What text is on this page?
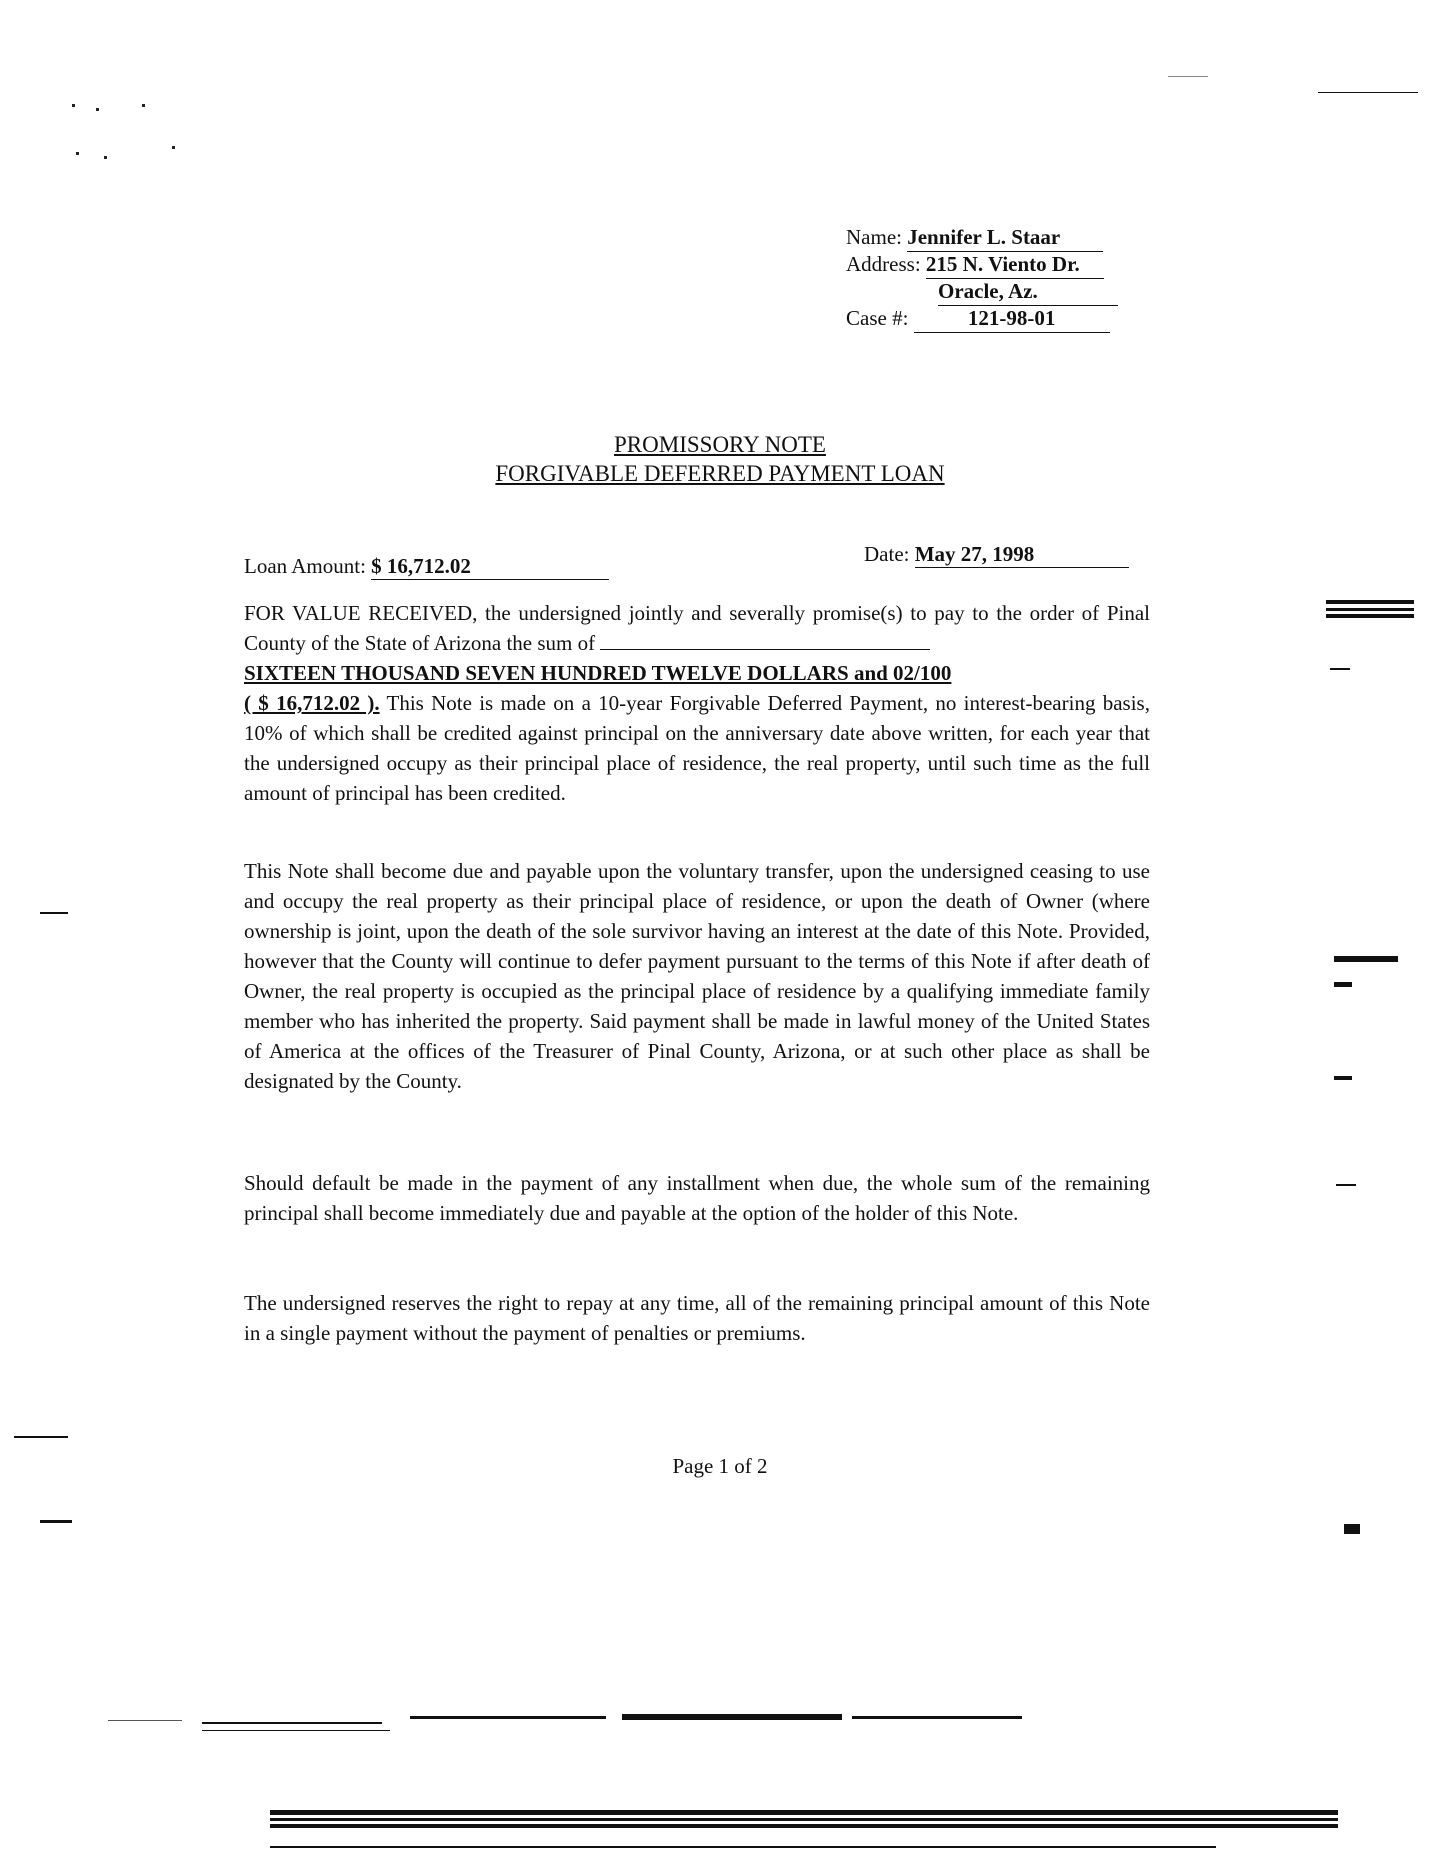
Name: Jennifer L. Staar
Address: 215 N. Viento Dr.
Oracle, Az.
Case #:	121-98-01
PROMISSORY NOTE
FORGIVABLE DEFERRED PAYMENT LOAN
Loan Amount: $ 16,712.02	Date: May 27, 1998
FOR VALUE RECEIVED, the undersigned jointly and severally promise(s) to pay to the order of Pinal County of the State of Arizona the sum of
SIXTEEN THOUSAND SEVEN HUNDRED TWELVE DOLLARS and 02/100
( $ 16,712.02 ). This Note is made on a 10-year Forgivable Deferred Payment, no interest-bearing basis, 10% of which shall be credited against principal on the anniversary date above written, for each year that the undersigned occupy as their principal place of residence, the real property, until such time as the full amount of principal has been credited.
This Note shall become due and payable upon the voluntary transfer, upon the undersigned ceasing to use and occupy the real property as their principal place of residence, or upon the death of Owner (where ownership is joint, upon the death of the sole survivor having an interest at the date of this Note. Provided, however that the County will continue to defer payment pursuant to the terms of this Note if after death of Owner, the real property is occupied as the principal place of residence by a qualifying immediate family member who has inherited the property. Said payment shall be made in lawful money of the United States of America at the offices of the Treasurer of Pinal County, Arizona, or at such other place as shall be designated by the County.
Should default be made in the payment of any installment when due, the whole sum of the remaining principal shall become immediately due and payable at the option of the holder of this Note.
The undersigned reserves the right to repay at any time, all of the remaining principal amount of this Note in a single payment without the payment of penalties or premiums.
Page 1 of 2
